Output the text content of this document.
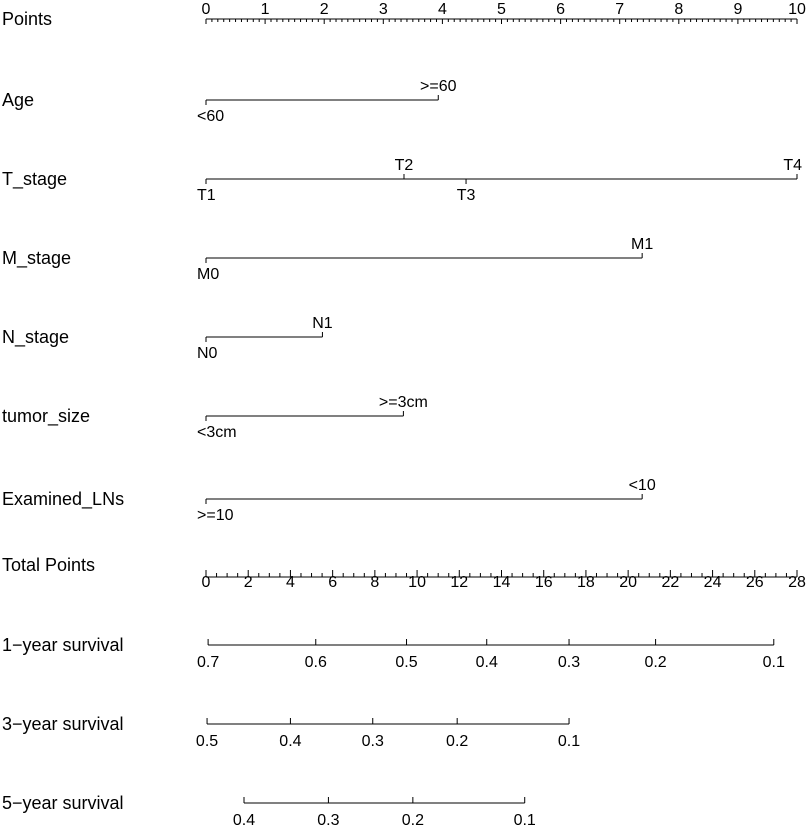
Points	0	1	2	3	4	5	6	7	8	9	10
Age
<60
>=60
T_stage
T1
T2
T3
T4
M_stage
M0
M1
N_stage
N0
N1
tumor_size
<3cm
>=3cm
Examined_LNs
>=10
<10
Total Points
0 2 4 6 8 10 12 14 16 18 20 22 24 26 28
1−year survival
0.7	0.6	0.5	0.4	0.3	0.2	0.1
3−year survival
0.5	0.4	0.3	0.2	0.1
5−year survival
0.4	0.3	0.2	0.1
